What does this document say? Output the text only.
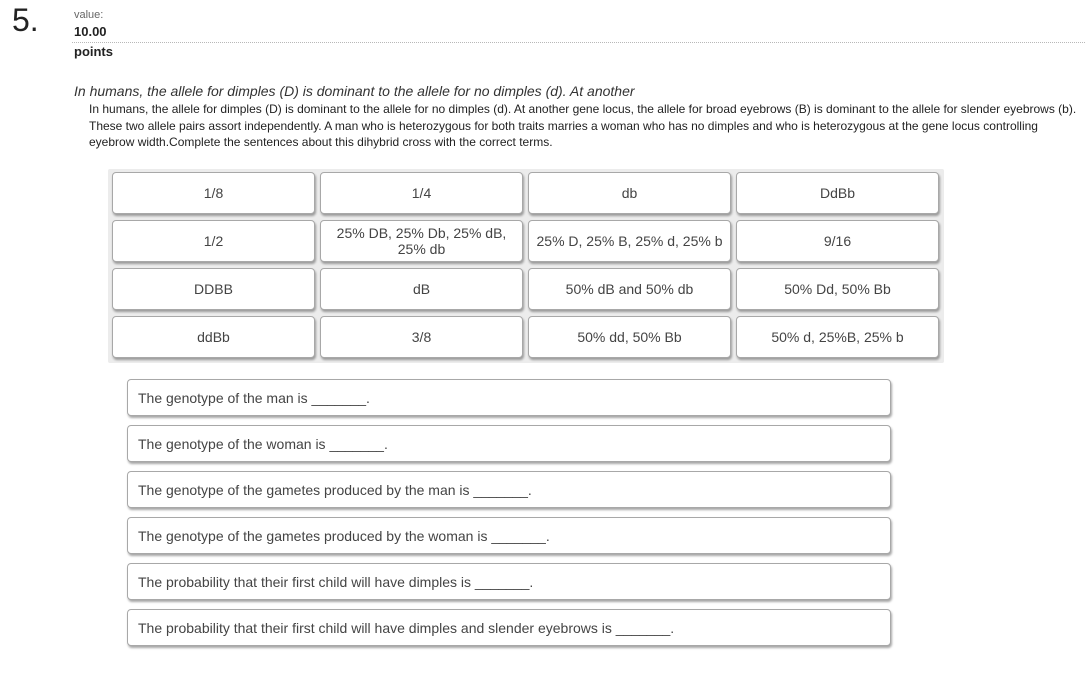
5.	value:
10.00
points
In humans, the allele for dimples (D) is dominant to the allele for no dimples (d). At another
In humans, the allele for dimples (D) is dominant to the allele for no dimples (d). At another gene locus, the allele for broad eyebrows (B) is dominant to the allele for slender eyebrows (b). These two allele pairs assort independently. A man who is heterozygous for both traits marries a woman who has no dimples and who is heterozygous at the gene locus controlling eyebrow width.Complete the sentences about this dihybrid cross with the correct terms.
1/8	1/4	db	DdBb
1/2	25% DB, 25% Db, 25% dB, 25% db	25% D, 25% B, 25% d, 25% b	9/16
DDBB	dB	50% dB and 50% db	50% Dd, 50% Bb
ddBb	3/8	50% dd, 50% Bb	50% d, 25%B, 25% b
The genotype of the man is _______.
The genotype of the woman is _______.
The genotype of the gametes produced by the man is _______.
The genotype of the gametes produced by the woman is _______.
The probability that their first child will have dimples is _______.
The probability that their first child will have dimples and slender eyebrows is _______.
